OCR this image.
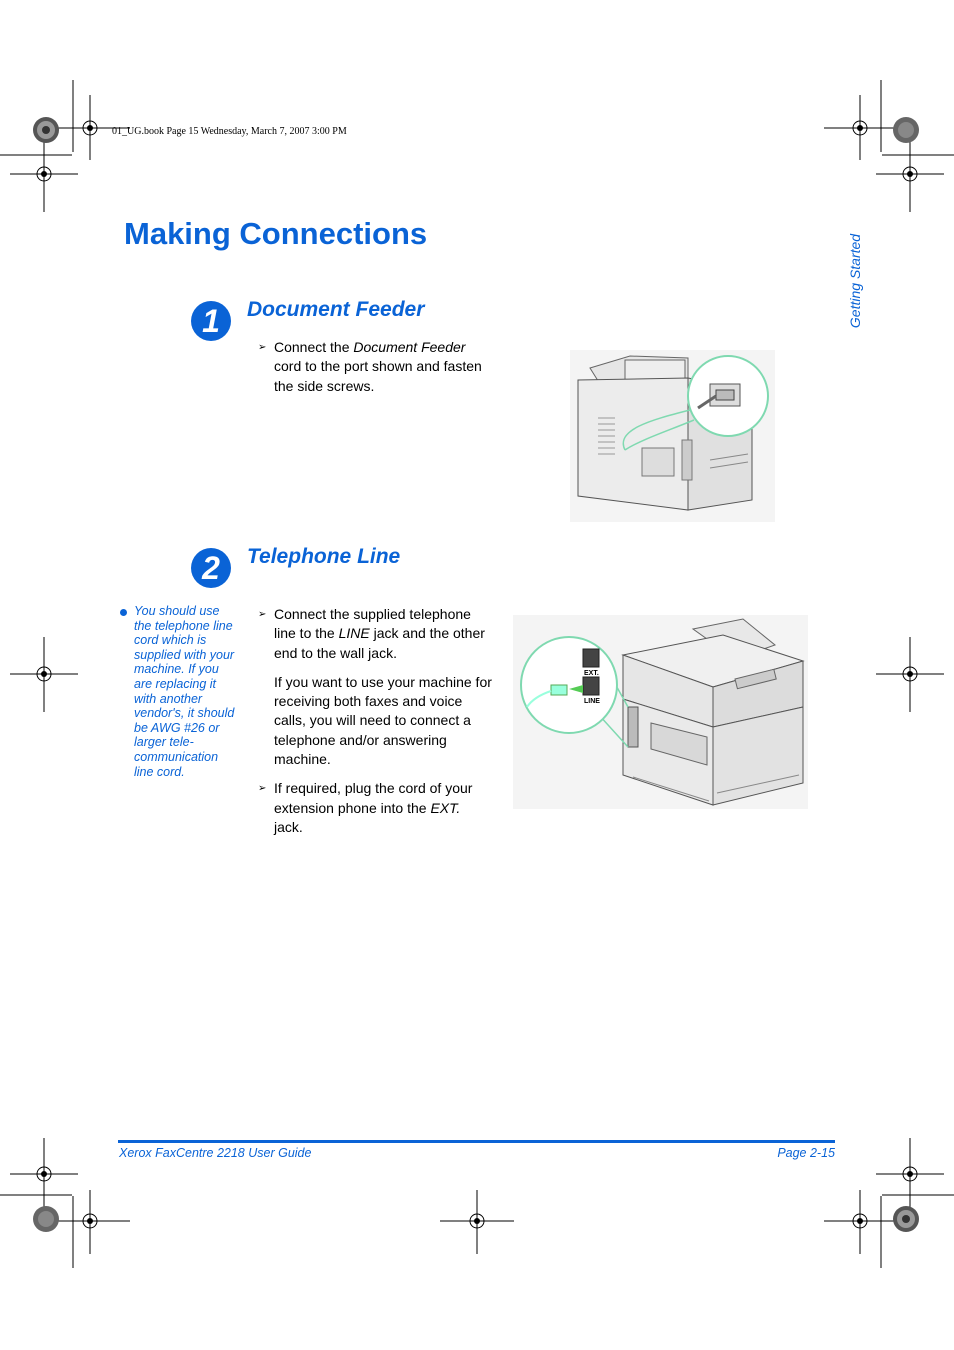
01_UG.book Page 15 Wednesday, March 7, 2007 3:00 PM
Making Connections
Getting Started
1	Document Feeder

➢ Connect the Document Feeder cord to the port shown and fasten the side screws.

2	Telephone Line
You should use the telephone line cord which is supplied with your machine. If you are replacing it with another vendor's, it should be AWG #26 or larger tele-communication line cord.

➢ Connect the supplied telephone line to the LINE jack and the other end to the wall jack.

If you want to use your machine for receiving both faxes and voice calls, you will need to connect a telephone and/or answering machine.

➢ If required, plug the cord of your extension phone into the EXT. jack.

EXT.
LINE
Xerox FaxCentre 2218 User Guide	Page 2-15
